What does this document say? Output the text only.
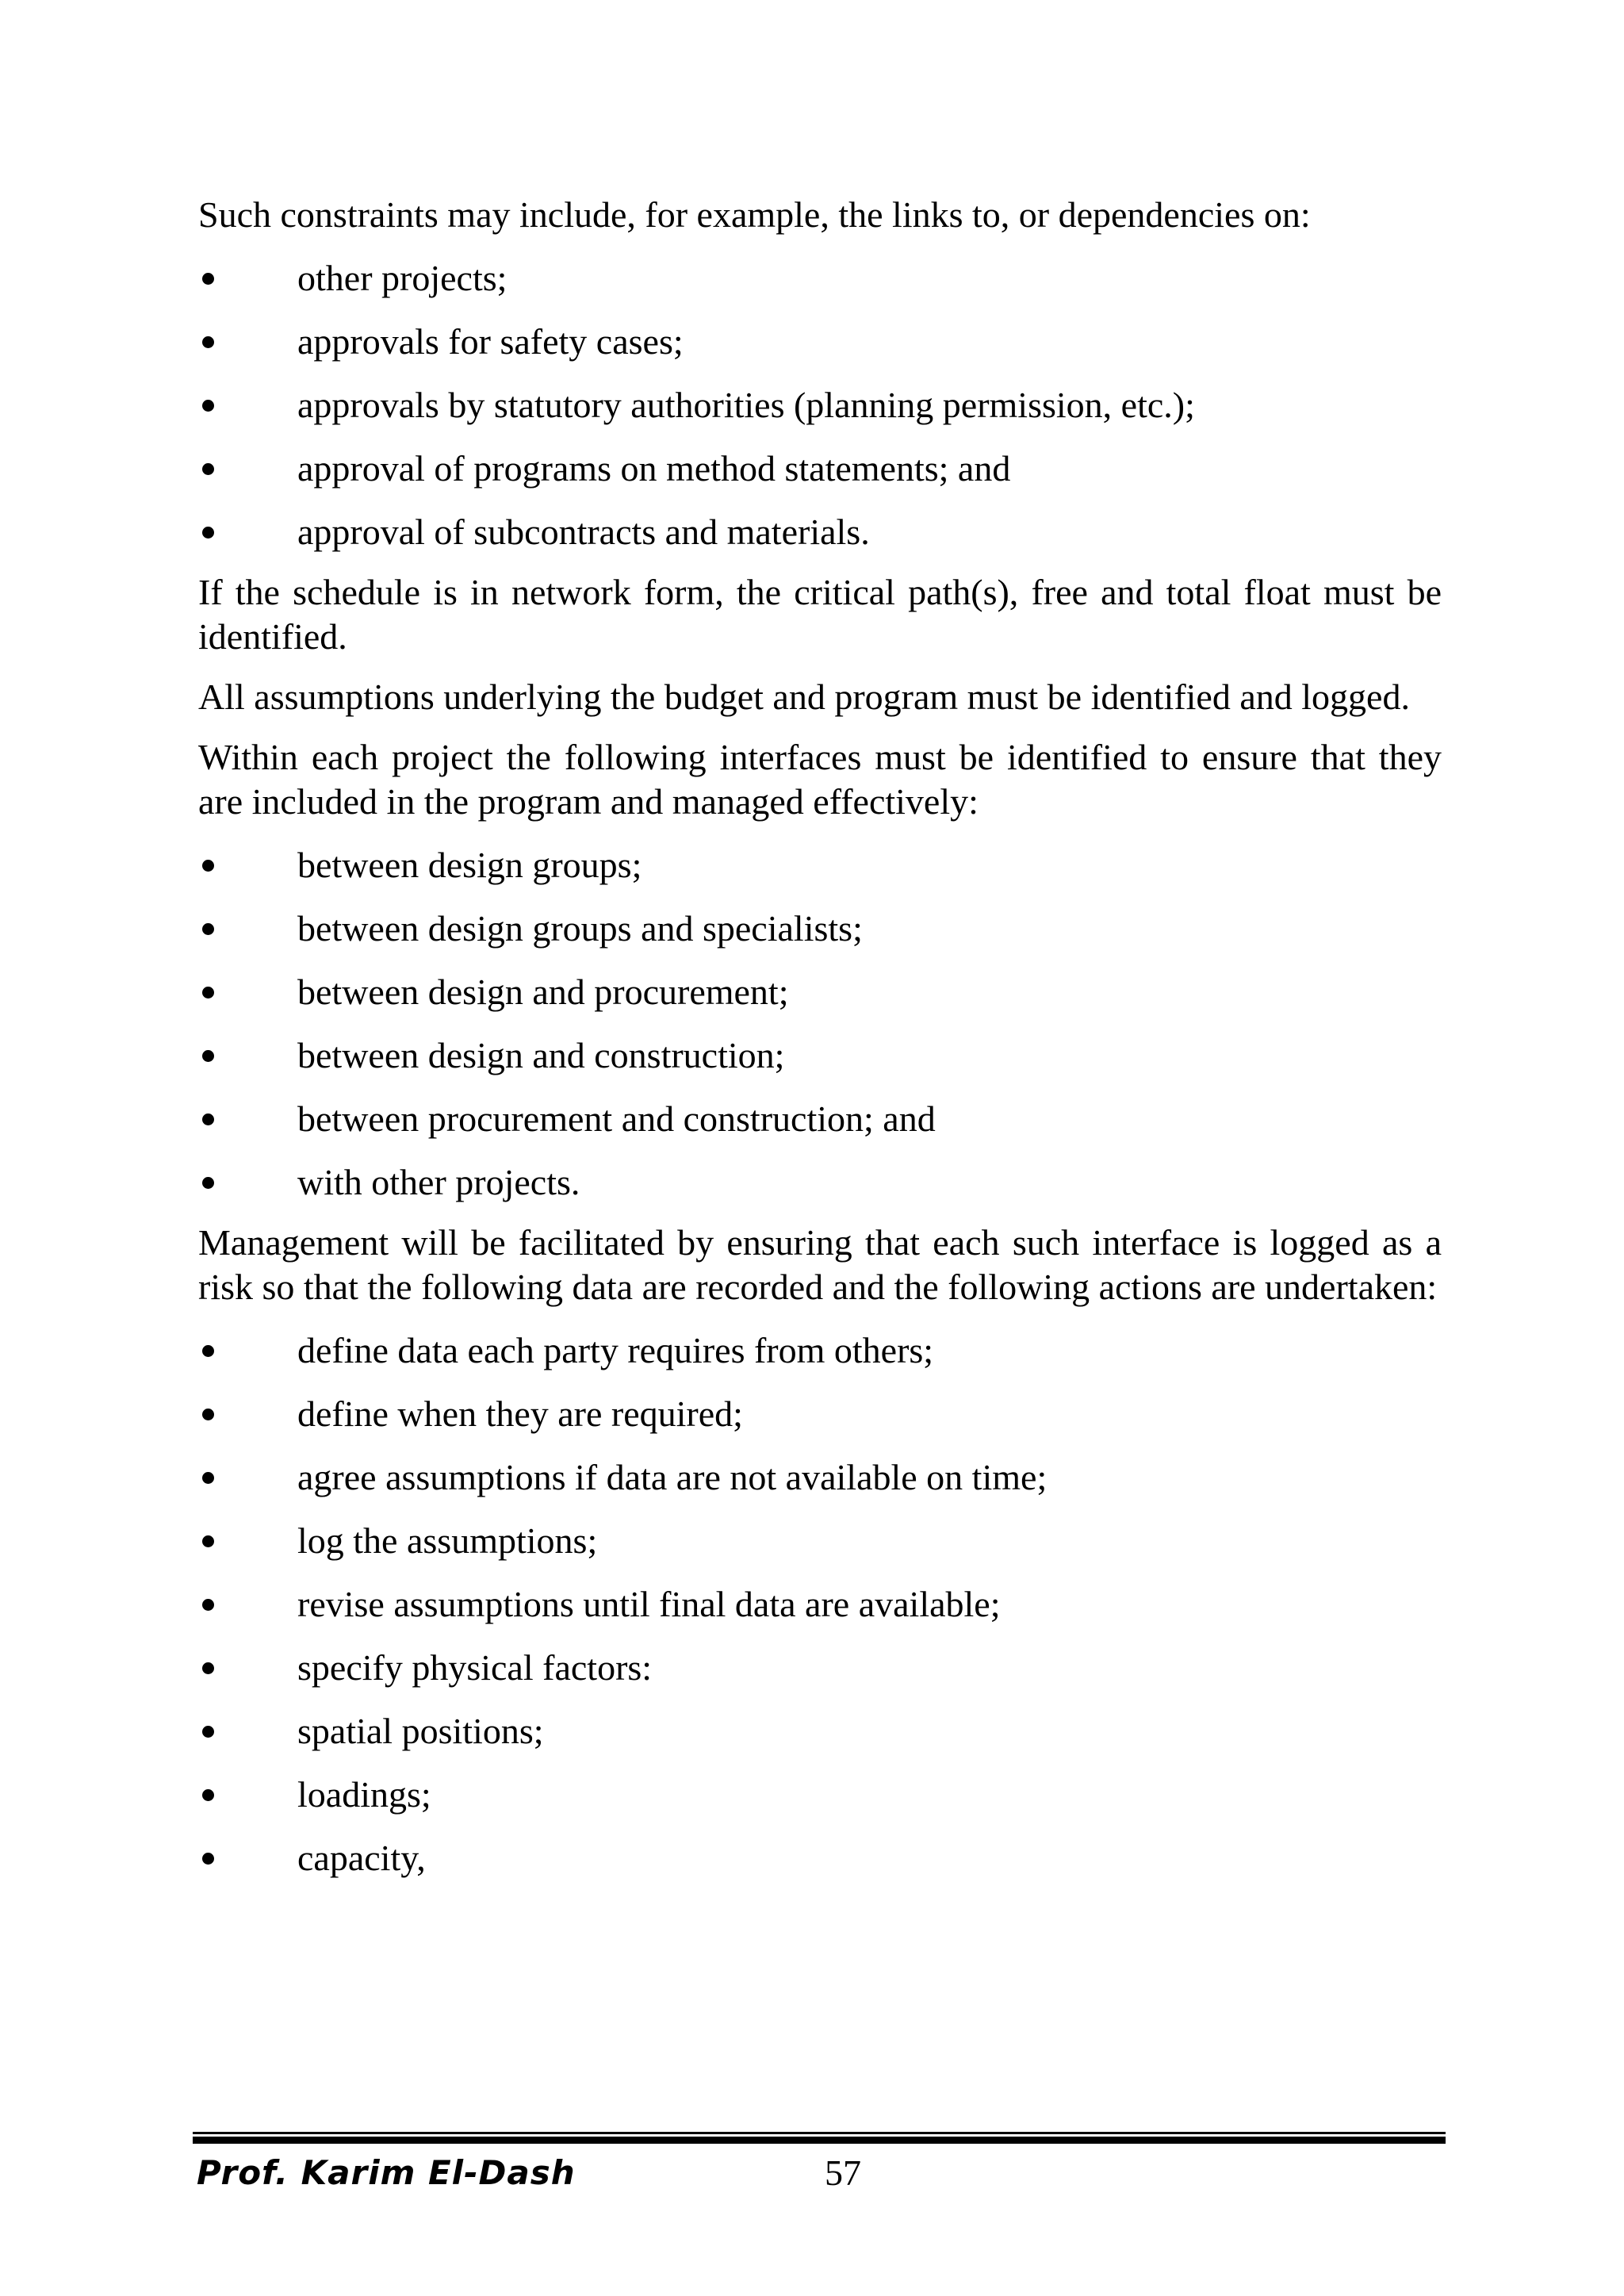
Such constraints may include, for example, the links to, or dependencies on:

other projects;
approvals for safety cases;
approvals by statutory authorities (planning permission, etc.);
approval of programs on method statements; and
approval of subcontracts and materials.

If the schedule is in network form, the critical path(s), free and total float must be identified.

All assumptions underlying the budget and program must be identified and logged.

Within each project the following interfaces must be identified to ensure that they are included in the program and managed effectively:

between design groups;
between design groups and specialists;
between design and procurement;
between design and construction;
between procurement and construction; and
with other projects.

Management will be facilitated by ensuring that each such interface is logged as a risk so that the following data are recorded and the following actions are undertaken:

define data each party requires from others;
define when they are required;
agree assumptions if data are not available on time;
log the assumptions;
revise assumptions until final data are available;
specify physical factors:
spatial positions;
loadings;
capacity,
Prof. Karim El-Dash	57
